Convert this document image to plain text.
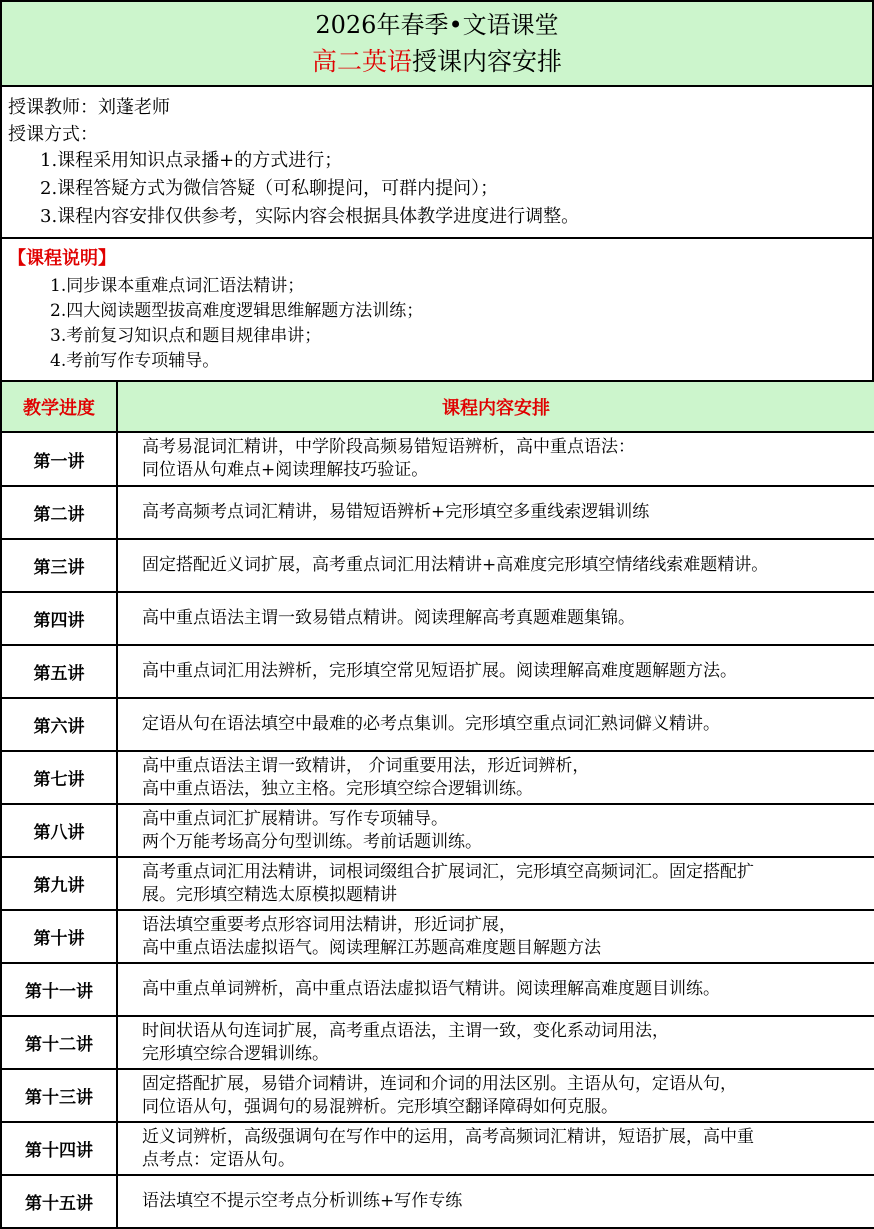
2026年春季•文语课堂
高二英语授课内容安排
授课教师：刘蓬老师
授课方式：
1.课程采用知识点录播+的方式进行；
2.课程答疑方式为微信答疑（可私聊提问，可群内提问）；
3.课程内容安排仅供参考，实际内容会根据具体教学进度进行调整。
【课程说明】
1.同步课本重难点词汇语法精讲；
2.四大阅读题型拔高难度逻辑思维解题方法训练；
3.考前复习知识点和题目规律串讲；
4.考前写作专项辅导。
教学进度	课程内容安排
第一讲	高考易混词汇精讲，中学阶段高频易错短语辨析，高中重点语法：
同位语从句难点+阅读理解技巧验证。

第二讲	高考高频考点词汇精讲，易错短语辨析+完形填空多重线索逻辑训练

第三讲	固定搭配近义词扩展，高考重点词汇用法精讲+高难度完形填空情绪线索难题精讲。

第四讲	高中重点语法主谓一致易错点精讲。阅读理解高考真题难题集锦。

第五讲	高中重点词汇用法辨析，完形填空常见短语扩展。阅读理解高难度题解题方法。

第六讲	定语从句在语法填空中最难的必考点集训。完形填空重点词汇熟词僻义精讲。

第七讲	高中重点语法主谓一致精讲， 介词重要用法，形近词辨析，
高中重点语法，独立主格。完形填空综合逻辑训练。

第八讲	高中重点词汇扩展精讲。写作专项辅导。
两个万能考场高分句型训练。考前话题训练。

第九讲	高考重点词汇用法精讲，词根词缀组合扩展词汇，完形填空高频词汇。固定搭配扩
展。完形填空精选太原模拟题精讲

第十讲	语法填空重要考点形容词用法精讲，形近词扩展，
高中重点语法虚拟语气。阅读理解江苏题高难度题目解题方法

第十一讲	高中重点单词辨析，高中重点语法虚拟语气精讲。阅读理解高难度题目训练。

第十二讲	时间状语从句连词扩展，高考重点语法，主谓一致，变化系动词用法，
完形填空综合逻辑训练。

第十三讲	固定搭配扩展，易错介词精讲，连词和介词的用法区别。主语从句，定语从句，
同位语从句，强调句的易混辨析。完形填空翻译障碍如何克服。

第十四讲	近义词辨析，高级强调句在写作中的运用，高考高频词汇精讲，短语扩展，高中重
点考点：定语从句。

第十五讲	语法填空不提示空考点分析训练+写作专练
